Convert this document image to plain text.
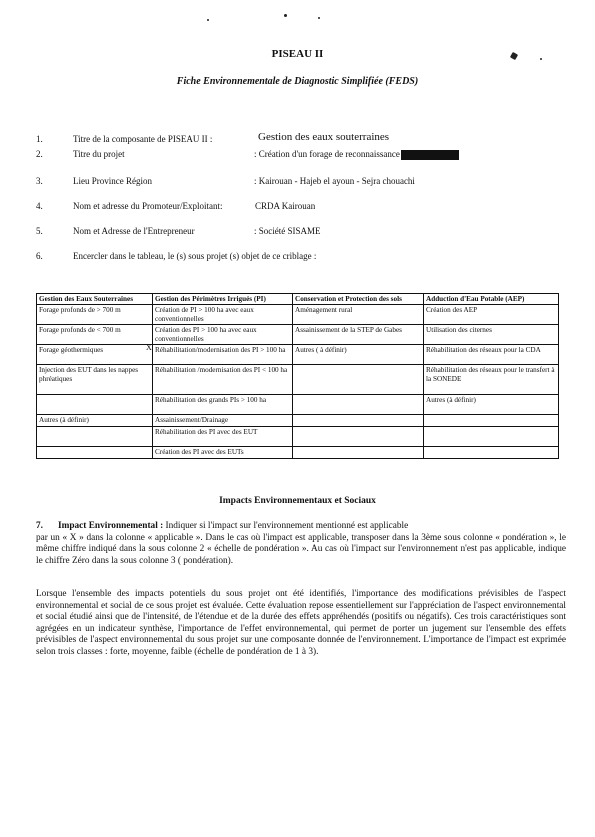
PISEAU II
Fiche Environnementale de Diagnostic Simplifiée (FEDS)
1.	Titre de la composante de PISEAU II :	Gestion des eaux souterraines
2.	Titre du projet	: Création d'un forage de reconnaissance
3.	Lieu Province Région	: Kairouan - Hajeb el ayoun - Sejra chouachi
4.	Nom et adresse du Promoteur/Exploitant:	CRDA Kairouan
5.	Nom et Adresse de l'Entrepreneur	: Société SISAME
6.	Encercler dans le tableau, le (s) sous projet (s) objet de ce criblage :
Gestion des Eaux Souterraines	Gestion des Périmètres Irrigués (PI)	Conservation et Protection des sols	Adduction d'Eau Potable (AEP)
Forage profonds de > 700 m	Création de PI > 100 ha avec eaux conventionnelles	Aménagement rural	Création des AEP
Forage profonds de < 700 m	Création des PI > 100 ha avec eaux conventionnelles	Assainissement de la STEP de Gabes	Utilisation des citernes
Forage géothermiques	Réhabilitation/modernisation des PI > 100 ha	Autres ( à définir)	Réhabilitation des réseaux pour la CDA
Injection des EUT dans les nappes phréatiques	Réhabilitation /modernisation des PI < 100 ha		Réhabilitation des réseaux pour le transfert à la SONEDE
	Réhabilitation des grands PIs > 100 ha		Autres (à définir)
Autres (à définir)	Assainissement/Drainage		
	Réhabilitation des PI avec des EUT		
	Création des PI avec des EUTs		
X
Impacts Environnementaux et Sociaux
7. Impact Environnemental : Indiquer si l'impact sur l'environnement mentionné est applicable
par un « X » dans la colonne « applicable ». Dans le cas où l'impact est applicable, transposer dans la 3ème sous colonne « pondération », le même chiffre indiqué dans la sous colonne 2 « échelle de pondération ». Au cas où l'impact sur l'environnement n'est pas applicable, indique le chiffre Zéro dans la sous colonne 3 ( pondération).
Lorsque l'ensemble des impacts potentiels du sous projet ont été identifiés, l'importance des modifications prévisibles de l'aspect environnemental et social de ce sous projet est évaluée. Cette évaluation repose essentiellement sur l'appréciation de l'aspect environnemental et social étudié ainsi que de l'intensité, de l'étendue et de la durée des effets appréhendés (positifs ou négatifs). Ces trois caractéristiques sont agrégées en un indicateur synthèse, l'importance de l'effet environnemental, qui permet de porter un jugement sur l'ensemble des effets prévisibles de l'aspect environnemental du sous projet sur une composante donnée de l'environnement. L'importance de l'impact est exprimée selon trois classes : forte, moyenne, faible (échelle de pondération de 1 à 3).
